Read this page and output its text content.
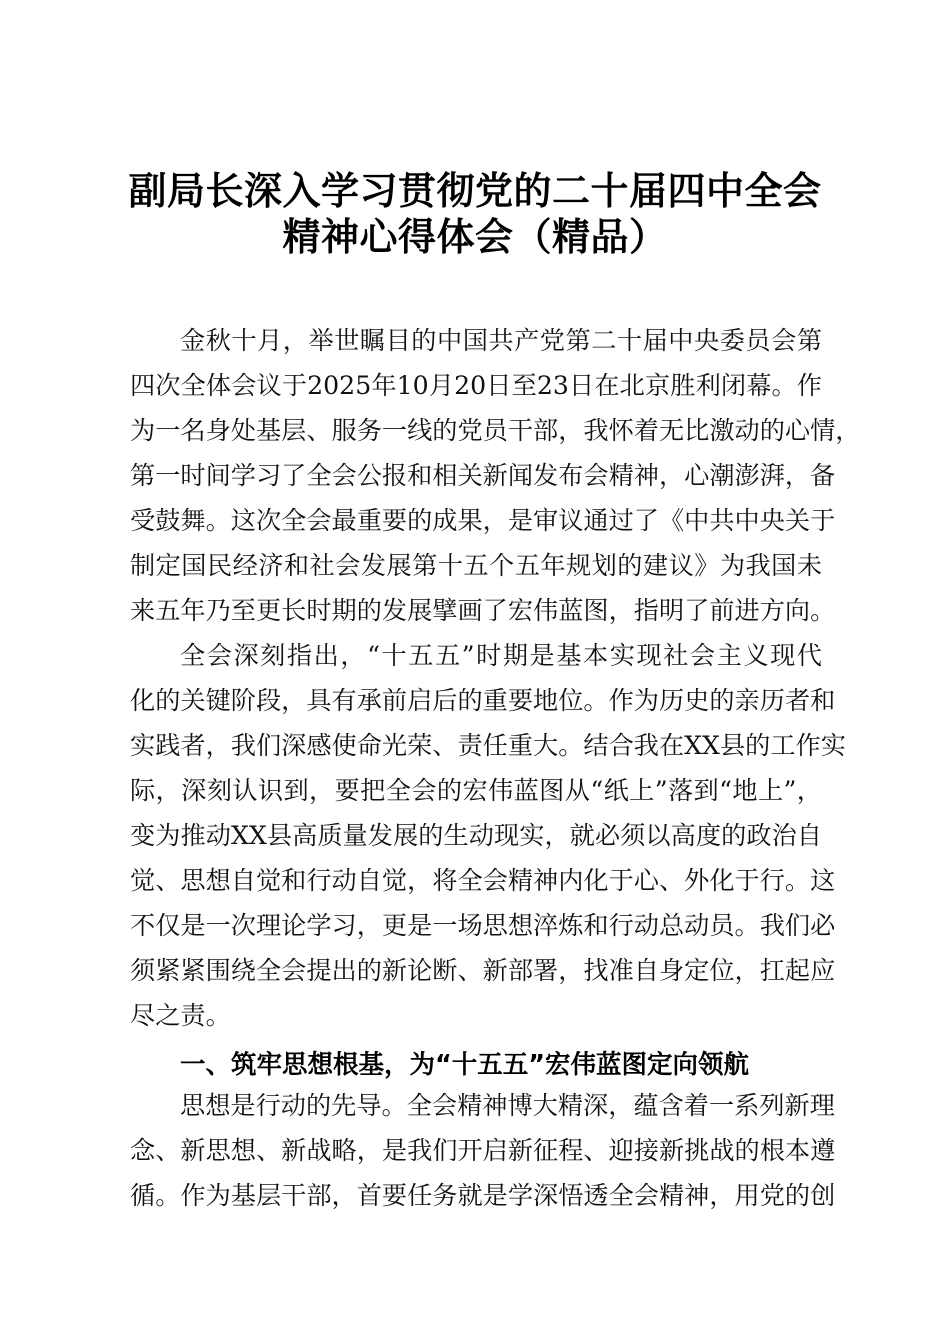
副局长深入学习贯彻党的二十届四中全会
精神心得体会（精品）
金秋十月，举世瞩目的中国共产党第二十届中央委员会第
四次全体会议于2025年10月20日至23日在北京胜利闭幕。作
为一名身处基层、服务一线的党员干部，我怀着无比激动的心情，
第一时间学习了全会公报和相关新闻发布会精神，心潮澎湃，备
受鼓舞。这次全会最重要的成果，是审议通过了《中共中央关于
制定国民经济和社会发展第十五个五年规划的建议》为我国未
来五年乃至更长时期的发展擘画了宏伟蓝图，指明了前进方向。
全会深刻指出，“十五五”时期是基本实现社会主义现代
化的关键阶段，具有承前启后的重要地位。作为历史的亲历者和
实践者，我们深感使命光荣、责任重大。结合我在XX县的工作实
际，深刻认识到，要把全会的宏伟蓝图从“纸上”落到“地上”，
变为推动XX县高质量发展的生动现实，就必须以高度的政治自
觉、思想自觉和行动自觉，将全会精神内化于心、外化于行。这
不仅是一次理论学习，更是一场思想淬炼和行动总动员。我们必
须紧紧围绕全会提出的新论断、新部署，找准自身定位，扛起应
尽之责。
一、筑牢思想根基，为“十五五”宏伟蓝图定向领航
思想是行动的先导。全会精神博大精深，蕴含着一系列新理
念、新思想、新战略，是我们开启新征程、迎接新挑战的根本遵
循。作为基层干部，首要任务就是学深悟透全会精神，用党的创
